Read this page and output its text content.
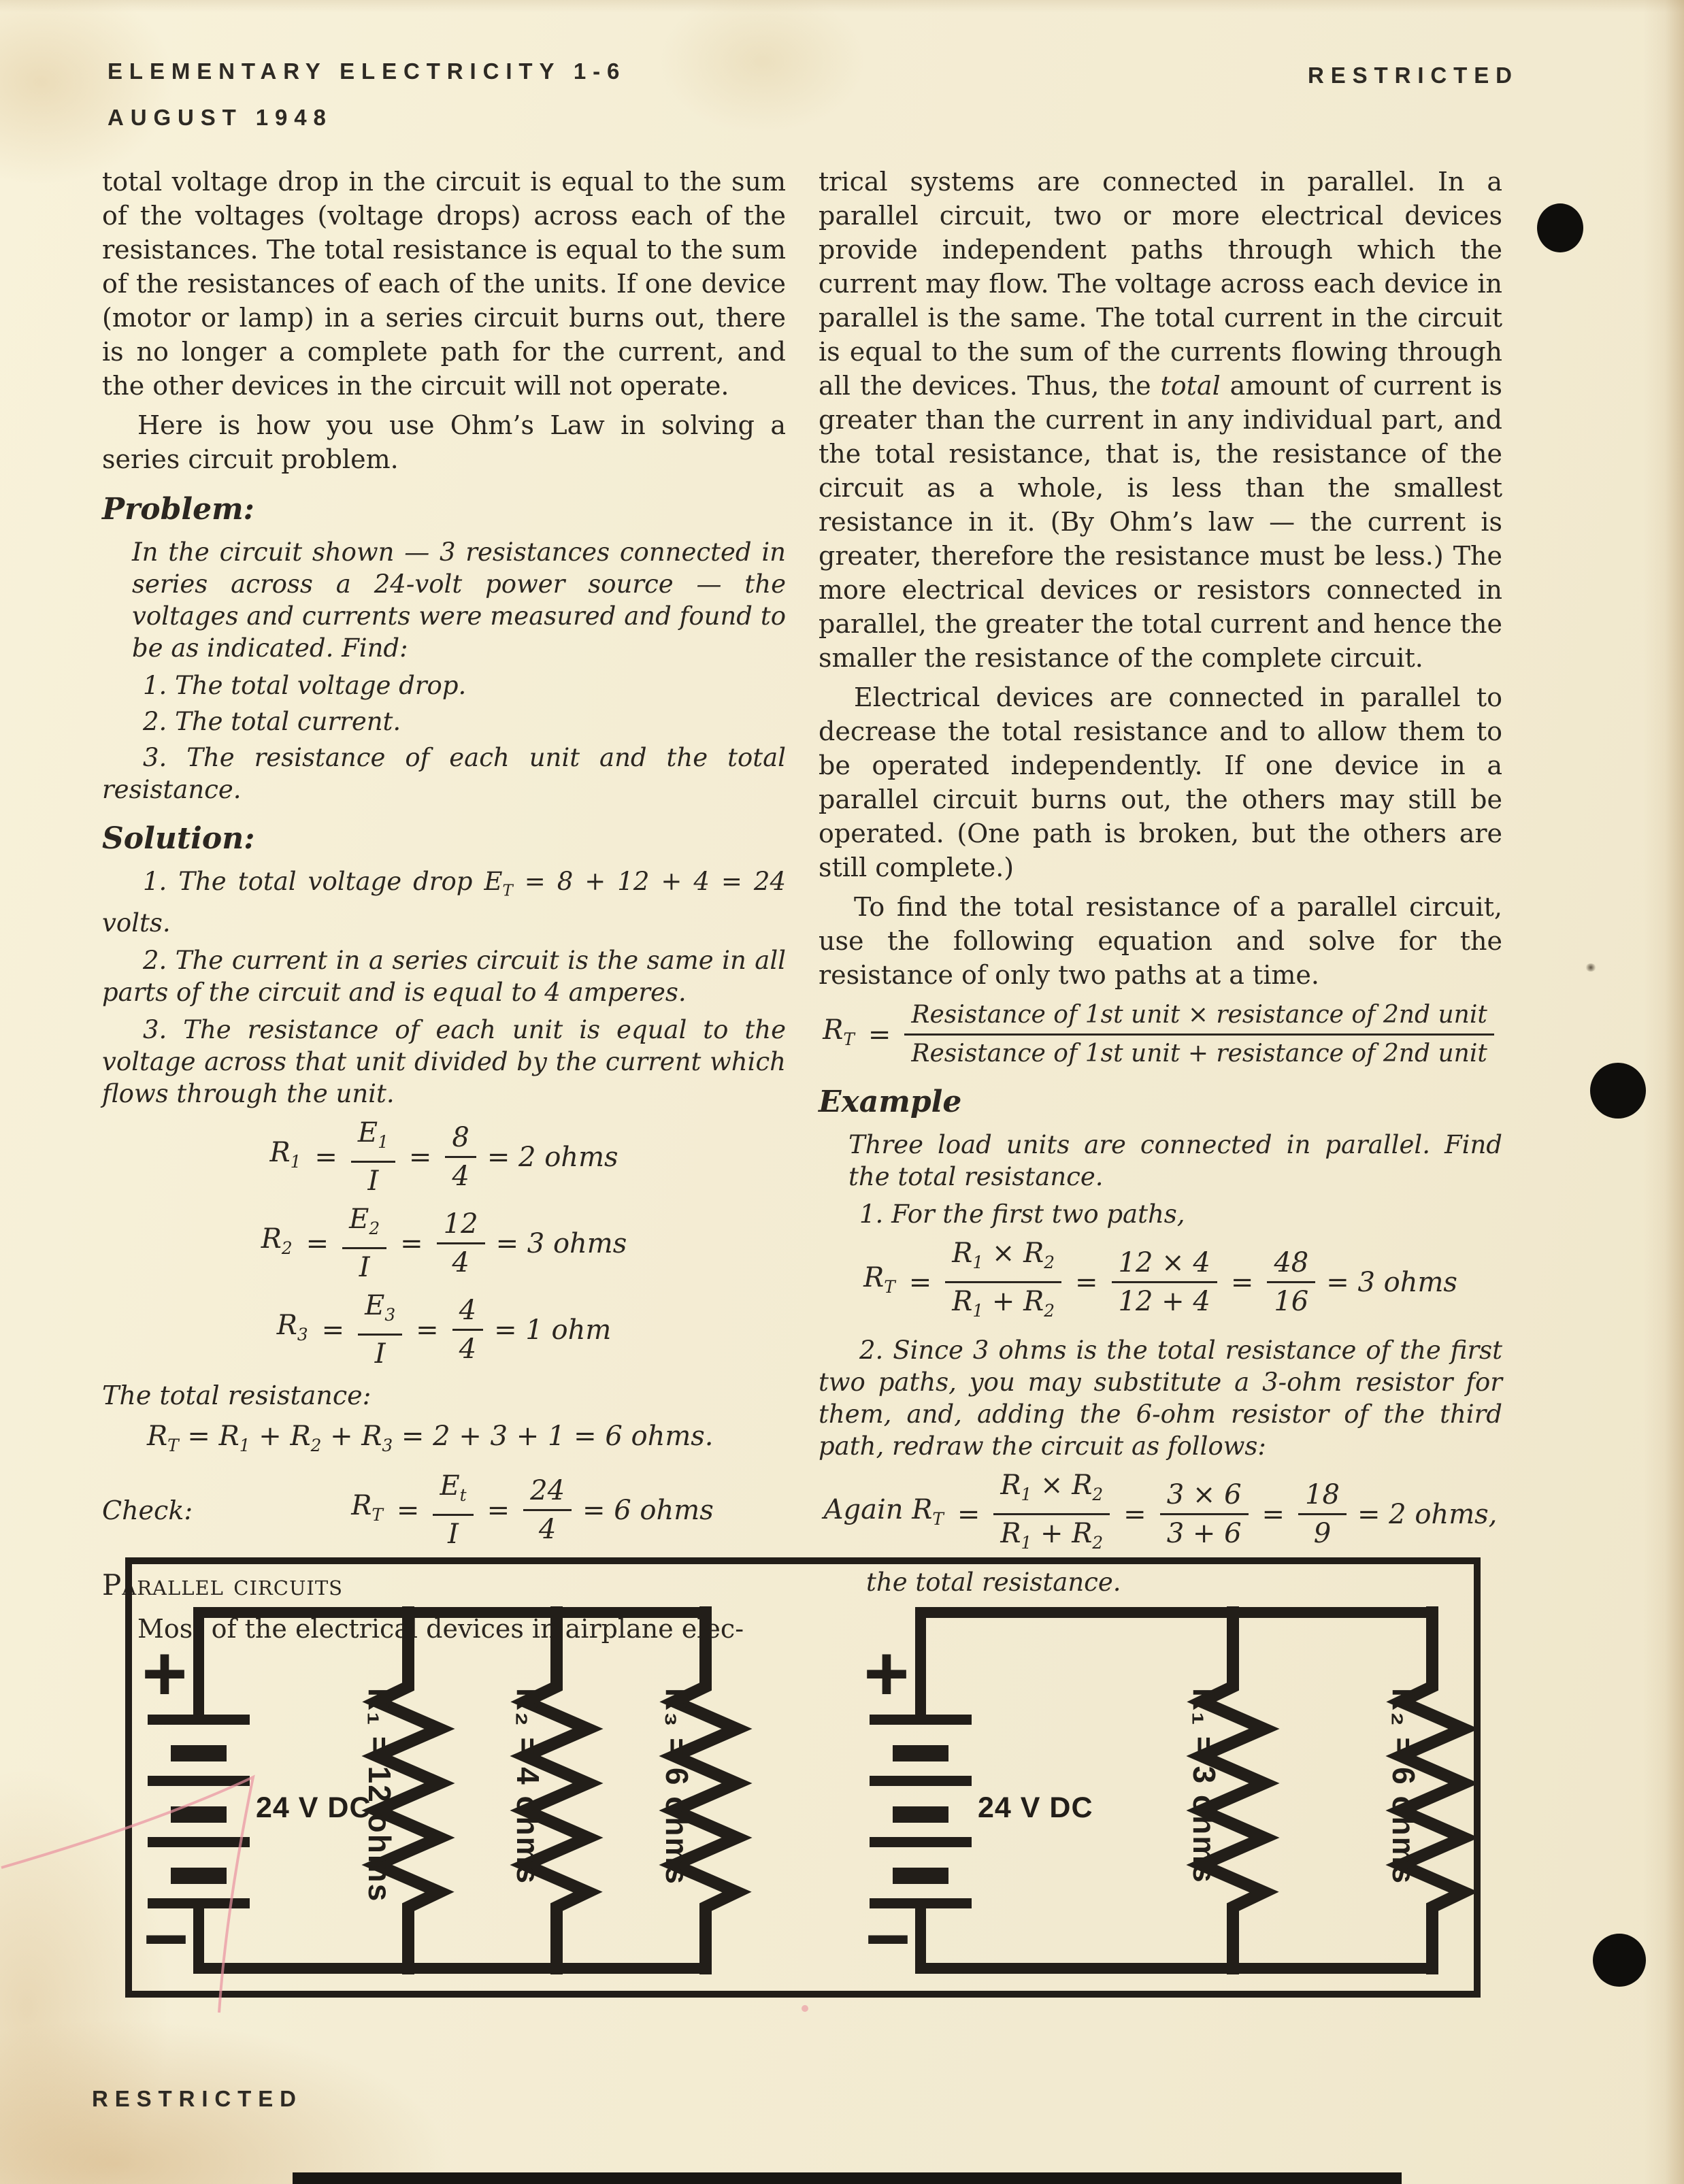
ELEMENTARY ELECTRICITY 1-6
AUGUST 1948
RESTRICTED

total voltage drop in the circuit is equal to the sum of the voltages (voltage drops) across each of the resistances. The total resistance is equal to the sum of the resistances of each of the units. If one device (motor or lamp) in a series circuit burns out, there is no longer a complete path for the current, and the other devices in the circuit will not operate.

Here is how you use Ohm’s Law in solving a series circuit problem.

Problem:
In the circuit shown — 3 resistances connected in series across a 24-volt power source — the voltages and currents were measured and found to be as indicated. Find:
1. The total voltage drop.
2. The total current.
3. The resistance of each unit and the total resistance.
Solution:
1. The total voltage drop $E_T = 8 + 12 + 4 = 24$ volts.
2. The current in a series circuit is the same in all parts of the circuit and is equal to 4 amperes.
3. The resistance of each unit is equal to the voltage across that unit divided by the current which flows through the unit.
$R_1 = \frac{E_1}{I} = \frac{8}{4} = 2$ ohms
$R_2 = \frac{E_2}{I} = \frac{12}{4} = 3$ ohms
$R_3 = \frac{E_3}{I} = \frac{4}{4} = 1$ ohm
The total resistance:
$R_T = R_1 + R_2 + R_3 = 2 + 3 + 1 = 6$ ohms.
Check:	$R_T = \frac{E_t}{I} = \frac{24}{4} = 6$ ohms
Parallel circuits

Most of the electrical devices in airplane elec-

trical systems are connected in parallel. In a parallel circuit, two or more electrical devices provide independent paths through which the current may flow. The voltage across each device in parallel is the same. The total current in the circuit is equal to the sum of the currents flowing through all the devices. Thus, the total amount of current is greater than the current in any individual part, and the total resistance, that is, the resistance of the circuit as a whole, is less than the smallest resistance in it. (By Ohm’s law — the current is greater, therefore the resistance must be less.) The more electrical devices or resistors connected in parallel, the greater the total current and hence the smaller the resistance of the complete circuit.

Electrical devices are connected in parallel to decrease the total resistance and to allow them to be operated independently. If one device in a parallel circuit burns out, the others may still be operated. (One path is broken, but the others are still complete.)

To find the total resistance of a parallel circuit, use the following equation and solve for the resistance of only two paths at a time.

$R_T = \frac{\text{Resistance of 1st unit × resistance of 2nd unit}}{\text{Resistance of 1st unit + resistance of 2nd unit}}$
Example
Three load units are connected in parallel. Find the total resistance.
1. For the first two paths,
$R_T = \frac{R_1 \times R_2}{R_1 + R_2} = \frac{12 \times 4}{12 + 4} = \frac{48}{16} = 3$ ohms
2. Since 3 ohms is the total resistance of the first two paths, you may substitute a 3-ohm resistor for them, and, adding the 6-ohm resistor of the third path, redraw the circuit as follows:
Again $R_T = \frac{R_1 \times R_2}{R_1 + R_2} = \frac{3 \times 6}{3 + 6} = \frac{18}{9} = 2$ ohms,
the total resistance.
+
−
24 V DC
R₁ = 12 ohms	R₂ = 4 ohms	R₃ = 6 ohms
+
−
24 V DC	R₁ = 3 ohms	R₂ = 6 ohms
RESTRICTED
